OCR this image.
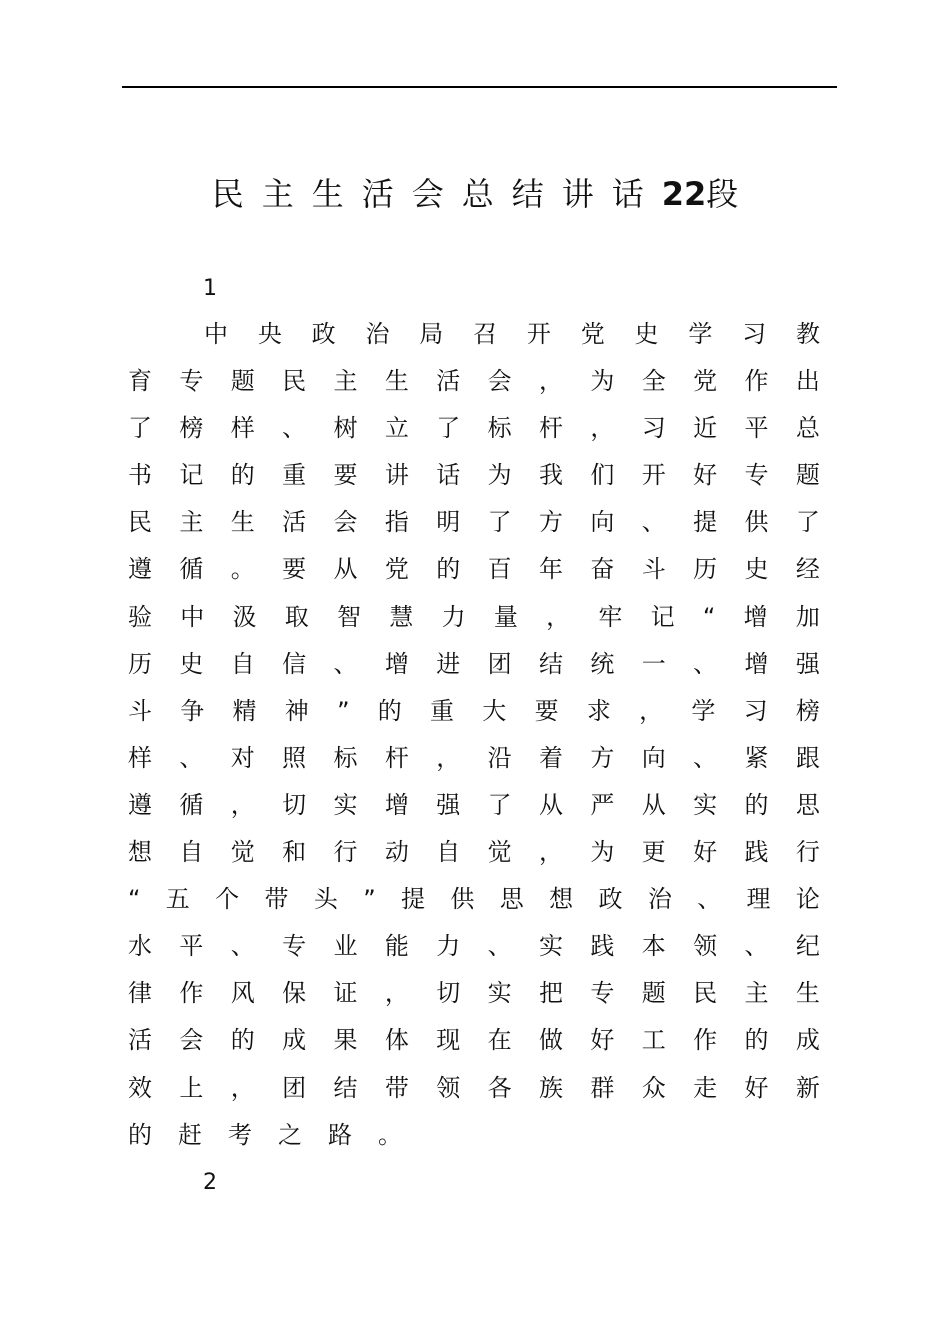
民主生活会总结讲话22段
1
中 央 政 治 局 召 开 党 史 学 习 教
育 专 题 民 主 生 活 会 ， 为 全 党 作 出
了 榜 样 、 树 立 了 标 杆 ， 习 近 平 总
书 记 的 重 要 讲 话 为 我 们 开 好 专 题
民 主 生 活 会 指 明 了 方 向 、 提 供 了
遵 循 。 要 从 党 的 百 年 奋 斗 历 史 经
验 中 汲 取 智 慧 力 量 ， 牢 记 “ 增 加
历 史 自 信 、 增 进 团 结 统 一 、 增 强
斗 争 精 神 ” 的 重 大 要 求 ， 学 习 榜
样 、 对 照 标 杆 ， 沿 着 方 向 、 紧 跟
遵 循 ， 切 实 增 强 了 从 严 从 实 的 思
想 自 觉 和 行 动 自 觉 ， 为 更 好 践 行
“ 五 个 带 头 ” 提 供 思 想 政 治 、 理 论
水 平 、 专 业 能 力 、 实 践 本 领 、 纪
律 作 风 保 证 ， 切 实 把 专 题 民 主 生
活 会 的 成 果 体 现 在 做 好 工 作 的 成
效 上 ， 团 结 带 领 各 族 群 众 走 好 新
的 赶 考 之 路 。
2
